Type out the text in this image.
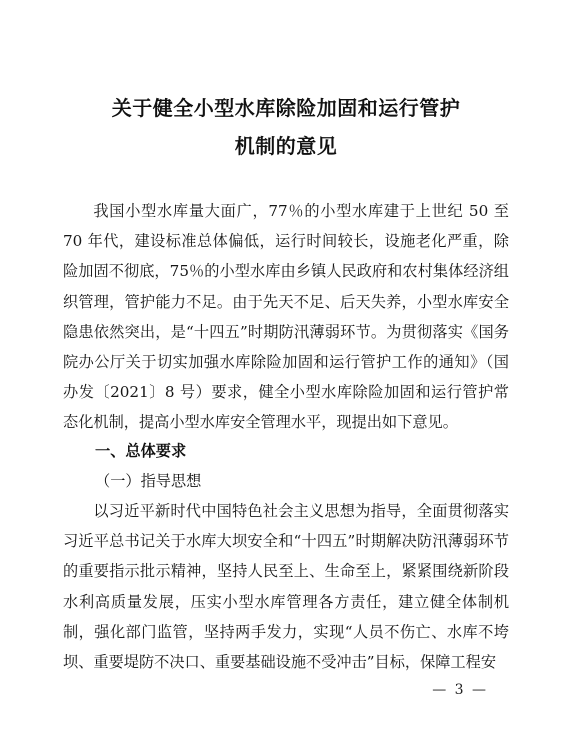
关于健全小型水库除险加固和运行管护
机制的意见
我国小型水库量大面广，77％的小型水库建于上世纪 50 至 70 年代，建设标准总体偏低，运行时间较长，设施老化严重，除险加固不彻底，75％的小型水库由乡镇人民政府和农村集体经济组织管理，管护能力不足。由于先天不足、后天失养，小型水库安全隐患依然突出，是“十四五”时期防汛薄弱环节。为贯彻落实《国务院办公厅关于切实加强水库除险加固和运行管护工作的通知》（国办发〔2021〕8 号）要求，健全小型水库除险加固和运行管护常态化机制，提高小型水库安全管理水平，现提出如下意见。
一、总体要求
（一）指导思想
以习近平新时代中国特色社会主义思想为指导，全面贯彻落实习近平总书记关于水库大坝安全和“十四五”时期解决防汛薄弱环节的重要指示批示精神，坚持人民至上、生命至上，紧紧围绕新阶段水利高质量发展，压实小型水库管理各方责任，建立健全体制机制，强化部门监管，坚持两手发力，实现“人员不伤亡、水库不垮坝、重要堤防不决口、重要基础设施不受冲击”目标，保障工程安
— 3 —
